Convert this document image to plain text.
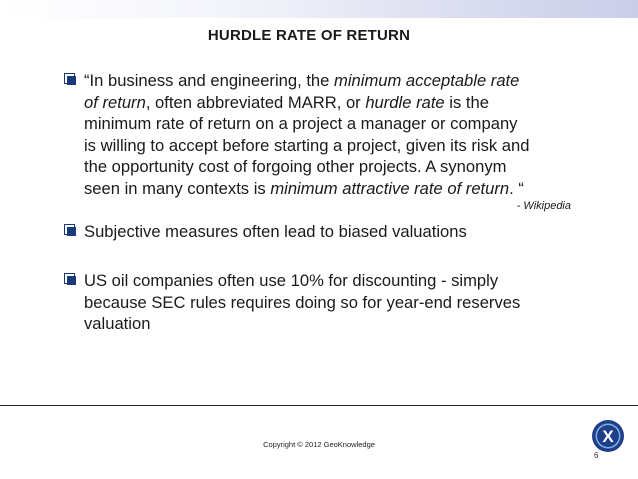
HURDLE RATE OF RETURN
“In business and engineering, the minimum acceptable rate
of return, often abbreviated MARR, or hurdle rate is the
minimum rate of return on a project a manager or company
is willing to accept before starting a project, given its risk and
the opportunity cost of forgoing other projects. A synonym
seen in many contexts is minimum attractive rate of return. “
- Wikipedia
Subjective measures often lead to biased valuations
US oil companies often use 10% for discounting - simply
because SEC rules requires doing so for year-end reserves
valuation
Copyright © 2012 GeoKnowledge
6
X
